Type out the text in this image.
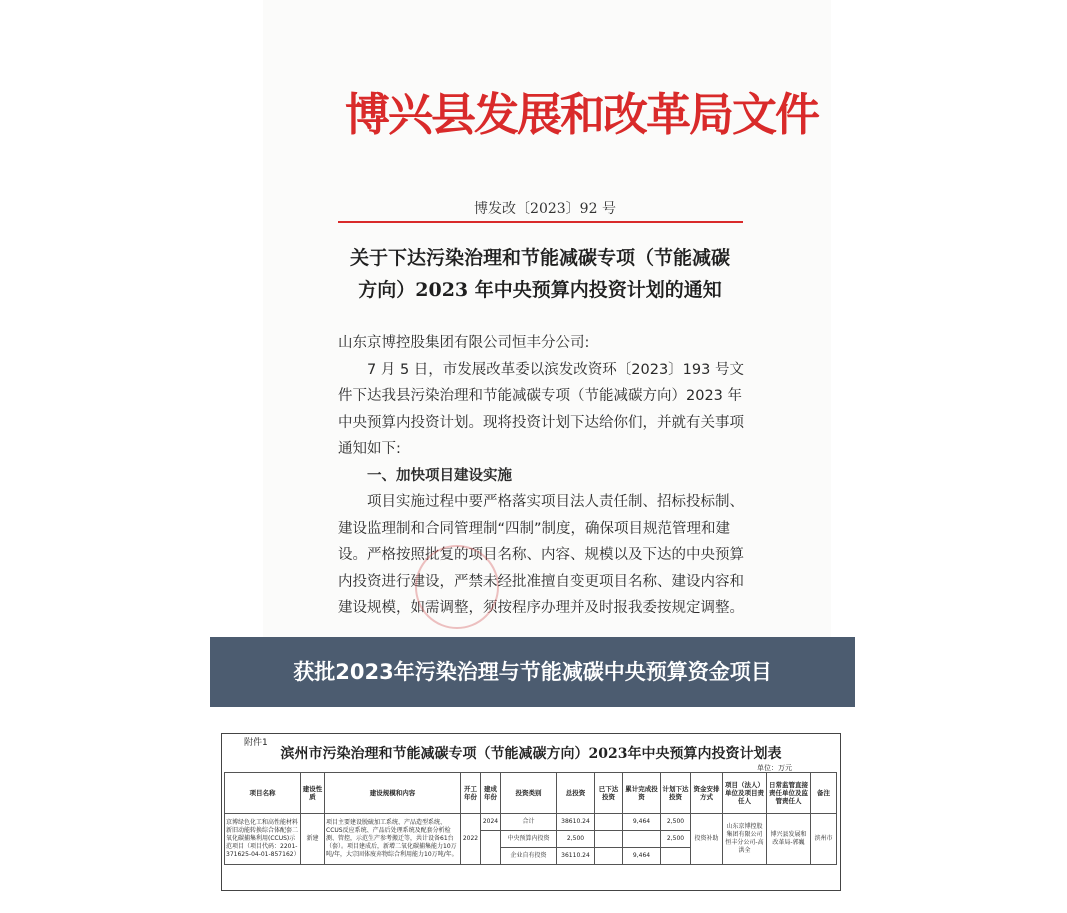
博兴县发展和改革局文件
博发改〔2023〕92 号
关于下达污染治理和节能减碳专项（节能减碳
方向）2023 年中央预算内投资计划的通知

山东京博控股集团有限公司恒丰分公司:

7 月 5 日，市发展改革委以滨发改资环〔2023〕193 号文件下达我县污染治理和节能减碳专项（节能减碳方向）2023 年中央预算内投资计划。现将投资计划下达给你们，并就有关事项通知如下:

一、加快项目建设实施

项目实施过程中要严格落实项目法人责任制、招标投标制、建设监理制和合同管理制“四制”制度，确保项目规范管理和建设。严格按照批复的项目名称、内容、规模以及下达的中央预算内投资进行建设，严禁未经批准擅自变更项目名称、建设内容和建设规模，如需调整，须按程序办理并及时报我委按规定调整。

获批2023年污染治理与节能减碳中央预算资金项目
附件1
滨州市污染治理和节能减碳专项（节能减碳方向）2023年中央预算内投资计划表
单位：万元
项目名称	建设性质	建设规模和内容	开工年份	建成年份	投资类别	总投资	已下达投资	累计完成投资	计划下达投资	资金安排方式	项目（法人）单位及项目责任人	日常监管直接责任单位及监管责任人	备注
京博绿色化工和高性能材料新旧动能转换综合体配套二氧化碳捕集利用(CCUS)示范项目（项目代码：2201-371625-04-01-857162）	新建	项目主要建设脱硫加工系统、产品造型系统、CCUS反应系统、产品后处理系统及配套分析检测、管控，示范生产参考搬迁等，共计设备61台（套）。项目建成后，新增二氧化碳捕集能力10万吨/年，大宗固体废弃物综合利用能力10万吨/年。	2022	2024	合计	38610.24		9,464	2,500	投资补助	山东京博控股集团有限公司恒丰分公司-高洪全	博兴县发展和改革局-郭巍	滨州市
					中央预算内投资	2,500			2,500				
					企业自有投资	36110.24		9,464					
